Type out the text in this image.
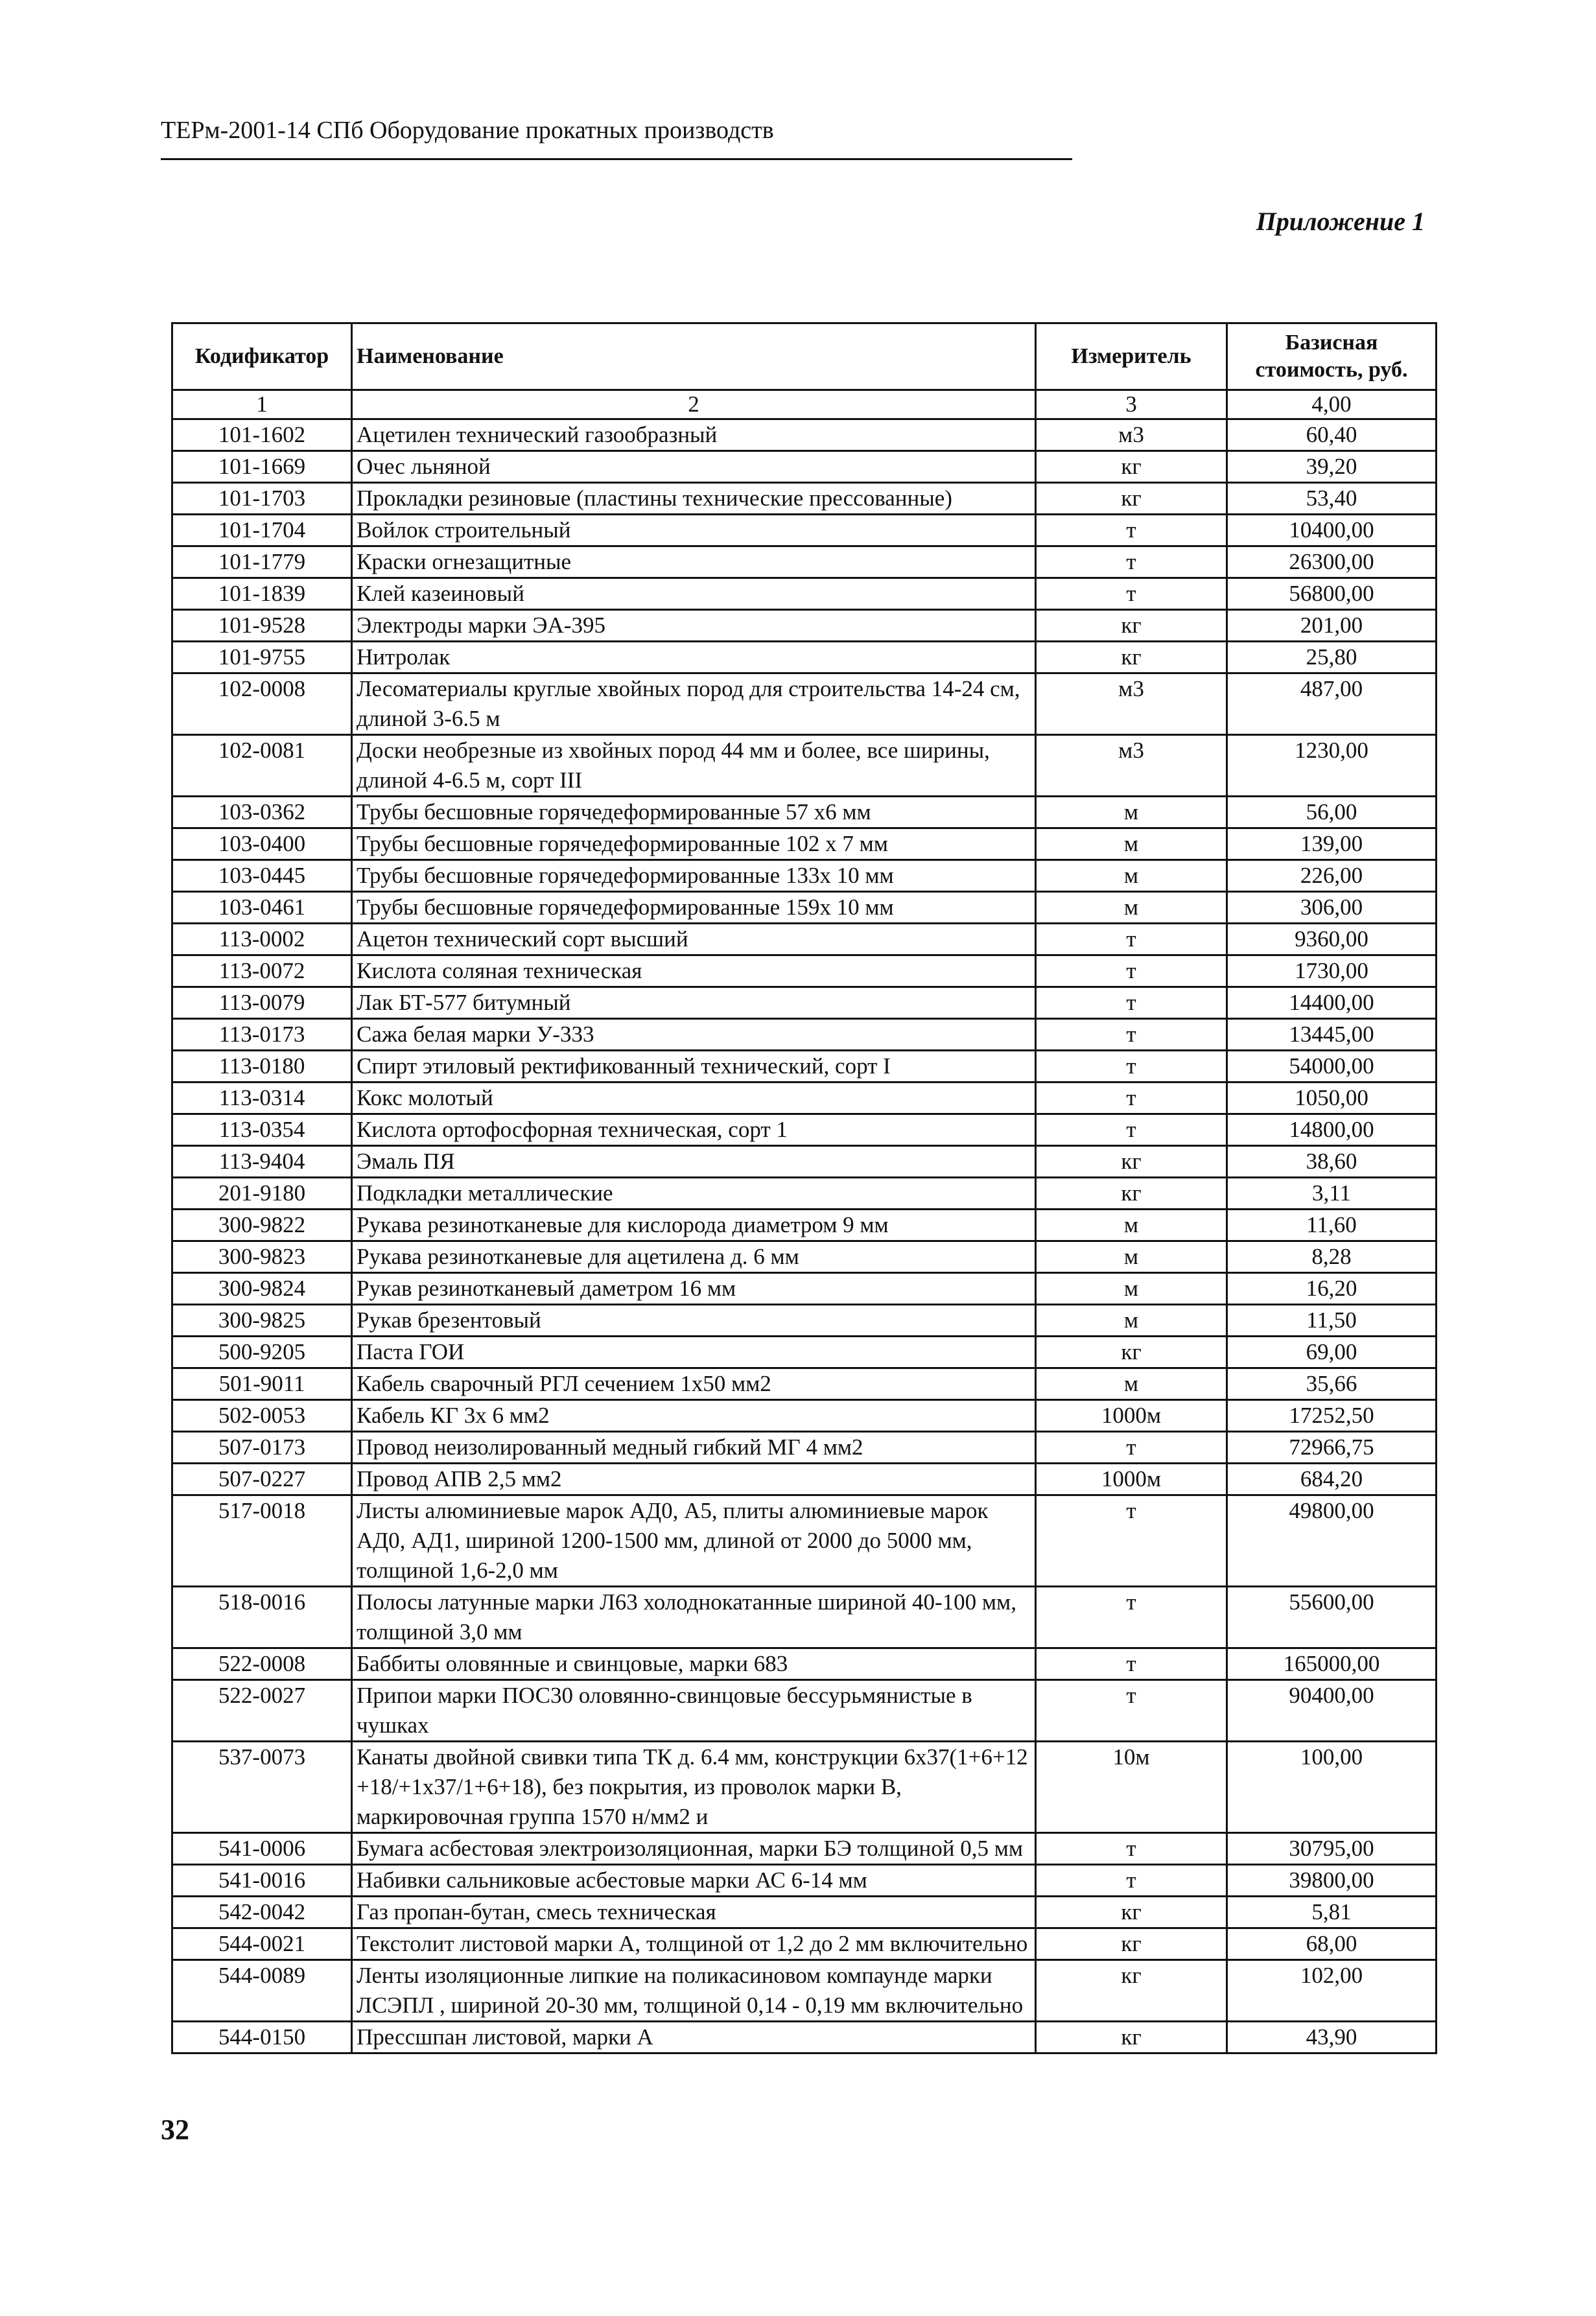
ТЕРм-2001-14 СПб Оборудование прокатных производств
Приложение 1
Кодификатор	Наименование	Измеритель	Базисная стоимость, руб.
1	2	3	4,00
101-1602	Ацетилен технический газообразный	м3	60,40
101-1669	Очес льняной	кг	39,20
101-1703	Прокладки резиновые (пластины технические прессованные)	кг	53,40
101-1704	Войлок строительный	т	10400,00
101-1779	Краски огнезащитные	т	26300,00
101-1839	Клей казеиновый	т	56800,00
101-9528	Электроды марки ЭА-395	кг	201,00
101-9755	Нитролак	кг	25,80
102-0008	Лесоматериалы круглые хвойных пород для строительства 14-24 см, длиной 3-6.5 м	м3	487,00
102-0081	Доски необрезные из хвойных пород 44 мм и более, все ширины, длиной 4-6.5 м, сорт III	м3	1230,00
103-0362	Трубы бесшовные горячедеформированные 57 х6 мм	м	56,00
103-0400	Трубы бесшовные горячедеформированные 102 х 7 мм	м	139,00
103-0445	Трубы бесшовные горячедеформированные 133х 10 мм	м	226,00
103-0461	Трубы бесшовные горячедеформированные 159х 10 мм	м	306,00
113-0002	Ацетон технический сорт высший	т	9360,00
113-0072	Кислота соляная техническая	т	1730,00
113-0079	Лак БТ-577 битумный	т	14400,00
113-0173	Сажа белая марки У-333	т	13445,00
113-0180	Спирт этиловый ректификованный технический, сорт I	т	54000,00
113-0314	Кокс молотый	т	1050,00
113-0354	Кислота ортофосфорная техническая, сорт 1	т	14800,00
113-9404	Эмаль ПЯ	кг	38,60
201-9180	Подкладки металлические	кг	3,11
300-9822	Рукава резинотканевые для кислорода диаметром 9 мм	м	11,60
300-9823	Рукава резинотканевые для ацетилена д. 6 мм	м	8,28
300-9824	Рукав резинотканевый даметром 16 мм	м	16,20
300-9825	Рукав брезентовый	м	11,50
500-9205	Паста ГОИ	кг	69,00
501-9011	Кабель сварочный РГЛ сечением 1х50 мм2	м	35,66
502-0053	Кабель КГ 3х 6 мм2	1000м	17252,50
507-0173	Провод неизолированный медный гибкий МГ 4 мм2	т	72966,75
507-0227	Провод АПВ 2,5 мм2	1000м	684,20
517-0018	Листы алюминиевые марок АД0, А5, плиты алюминиевые марок АД0, АД1, шириной 1200-1500 мм, длиной от 2000 до 5000 мм, толщиной 1,6-2,0 мм	т	49800,00
518-0016	Полосы латунные марки Л63 холоднокатанные шириной 40-100 мм, толщиной 3,0 мм	т	55600,00
522-0008	Баббиты оловянные и свинцовые, марки 683	т	165000,00
522-0027	Припои марки ПОС30 оловянно-свинцовые бессурьмянистые в чушках	т	90400,00
537-0073	Канаты двойной свивки типа ТК д. 6.4 мм, конструкции 6х37(1+6+12 +18/+1х37/1+6+18), без покрытия, из проволок марки В, маркировочная группа 1570 н/мм2 и	10м	100,00
541-0006	Бумага асбестовая электроизоляционная, марки БЭ толщиной 0,5 мм	т	30795,00
541-0016	Набивки сальниковые асбестовые марки АС 6-14 мм	т	39800,00
542-0042	Газ пропан-бутан, смесь техническая	кг	5,81
544-0021	Текстолит листовой марки А, толщиной от 1,2 до 2 мм включительно	кг	68,00
544-0089	Ленты изоляционные липкие на поликасиновом компаунде марки ЛСЭПЛ , шириной 20-30 мм, толщиной 0,14 - 0,19 мм включительно	кг	102,00
544-0150	Прессшпан листовой, марки А	кг	43,90
32
